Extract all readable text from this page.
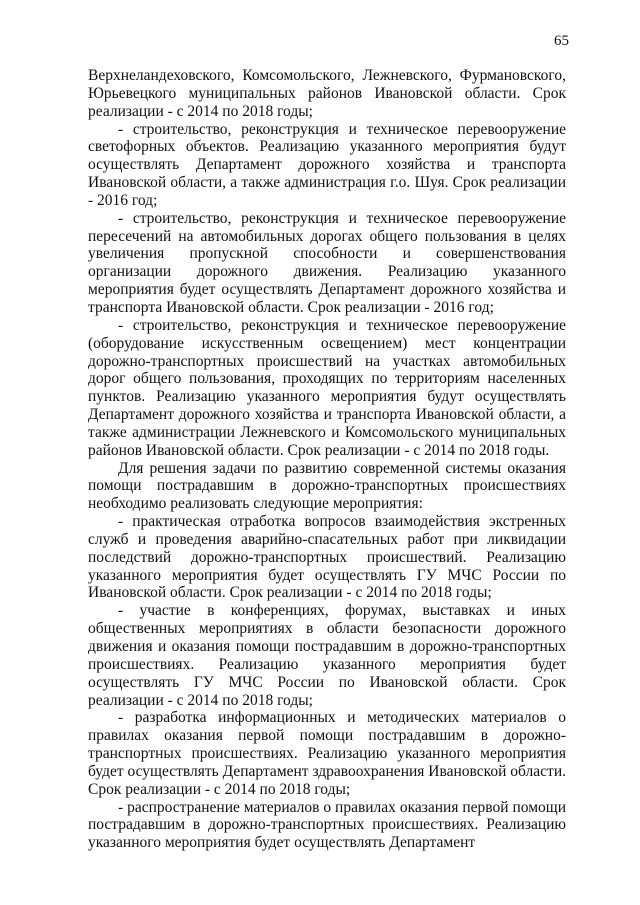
65

Верхнеландеховского, Комсомольского, Лежневского, Фурмановского, Юрьевецкого муниципальных районов Ивановской области. Срок реализации - с 2014 по 2018 годы;

- строительство, реконструкция и техническое перевооружение светофорных объектов. Реализацию указанного мероприятия будут осуществлять Департамент дорожного хозяйства и транспорта Ивановской области, а также администрация г.о. Шуя. Срок реализации - 2016 год;

- строительство, реконструкция и техническое перевооружение пересечений на автомобильных дорогах общего пользования в целях увеличения пропускной способности и совершенствования организации дорожного движения. Реализацию указанного мероприятия будет осуществлять Департамент дорожного хозяйства и транспорта Ивановской области. Срок реализации - 2016 год;

- строительство, реконструкция и техническое перевооружение (оборудование искусственным освещением) мест концентрации дорожно-транспортных происшествий на участках автомобильных дорог общего пользования, проходящих по территориям населенных пунктов. Реализацию указанного мероприятия будут осуществлять Департамент дорожного хозяйства и транспорта Ивановской области, а также администрации Лежневского и Комсомольского муниципальных районов Ивановской области. Срок реализации - с 2014 по 2018 годы.

Для решения задачи по развитию современной системы оказания помощи пострадавшим в дорожно-транспортных происшествиях необходимо реализовать следующие мероприятия:

- практическая отработка вопросов взаимодействия экстренных служб и проведения аварийно-спасательных работ при ликвидации последствий дорожно-транспортных происшествий. Реализацию указанного мероприятия будет осуществлять ГУ МЧС России по Ивановской области. Срок реализации - с 2014 по 2018 годы;

- участие в конференциях, форумах, выставках и иных общественных мероприятиях в области безопасности дорожного движения и оказания помощи пострадавшим в дорожно-транспортных происшествиях. Реализацию указанного мероприятия будет осуществлять ГУ МЧС России по Ивановской области. Срок реализации - с 2014 по 2018 годы;

- разработка информационных и методических материалов о правилах оказания первой помощи пострадавшим в дорожно-транспортных происшествиях. Реализацию указанного мероприятия будет осуществлять Департамент здравоохранения Ивановской области. Срок реализации - с 2014 по 2018 годы;

- распространение материалов о правилах оказания первой помощи пострадавшим в дорожно-транспортных происшествиях. Реализацию указанного мероприятия будет осуществлять Департамент
